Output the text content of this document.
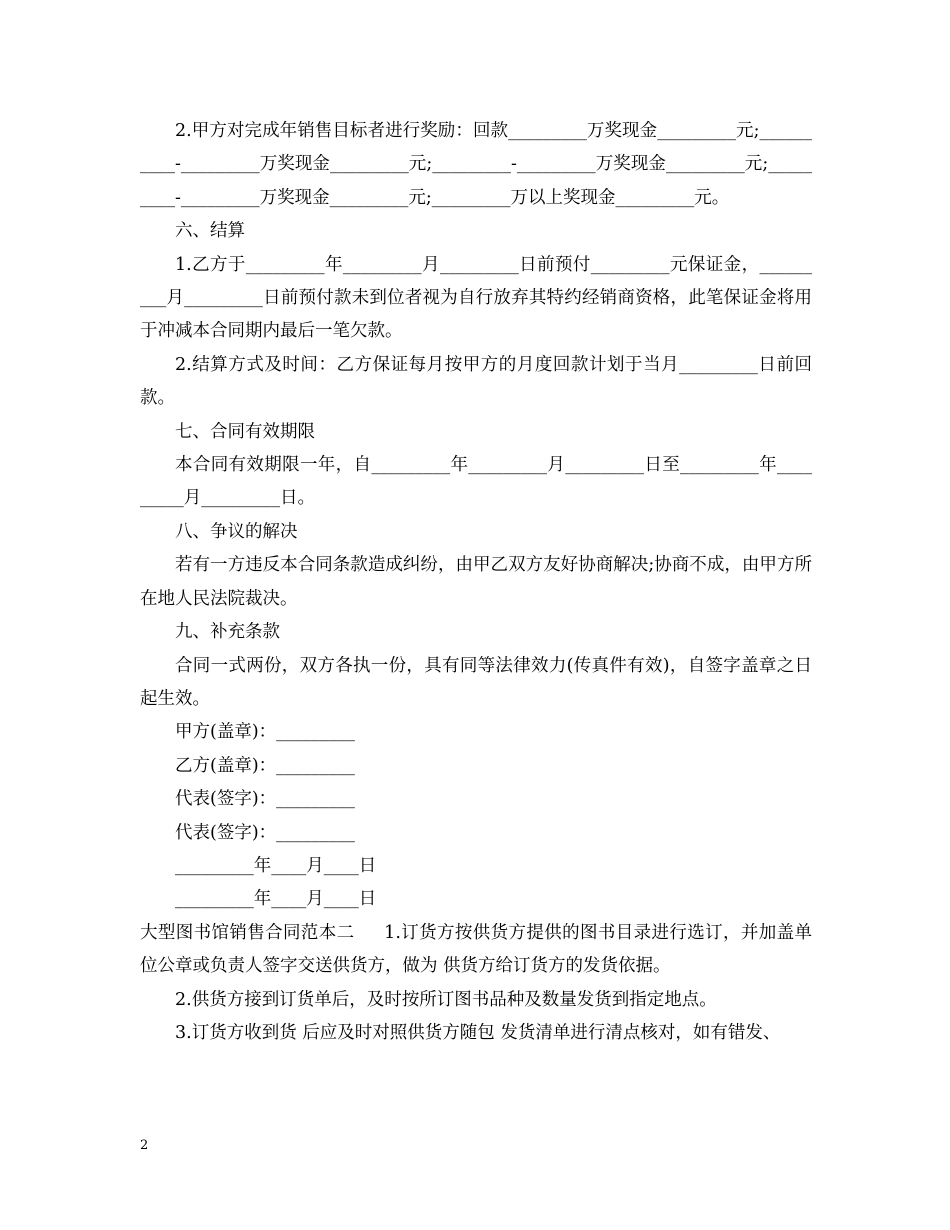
2.甲方对完成年销售目标者进行奖励：回款_________万奖现金_________元;__________-_________万奖现金_________元;_________-_________万奖现金_________元;_________-_________万奖现金_________元;_________万以上奖现金_________元。

六、结算

1.乙方于_________年_________月_________日前预付_________元保证金，_________月_________日前预付款未到位者视为自行放弃其特约经销商资格，此笔保证金将用于冲减本合同期内最后一笔欠款。

2.结算方式及时间：乙方保证每月按甲方的月度回款计划于当月_________日前回款。

七、合同有效期限

本合同有效期限一年，自_________年_________月_________日至_________年_________月_________日。

八、争议的解决

若有一方违反本合同条款造成纠纷，由甲乙双方友好协商解决;协商不成，由甲方所在地人民法院裁决。

九、补充条款

合同一式两份，双方各执一份，具有同等法律效力(传真件有效)，自签字盖章之日起生效。

甲方(盖章)：_________

乙方(盖章)：_________

代表(签字)：_________

代表(签字)：_________

_________年____月____日

_________年____月____日

大型图书馆销售合同范本二     1.订货方按供货方提供的图书目录进行选订，并加盖单位公章或负责人签字交送供货方，做为 供货方给订货方的发货依据。

2.供货方接到订货单后，及时按所订图书品种及数量发货到指定地点。

3.订货方收到货 后应及时对照供货方随包 发货清单进行清点核对，如有错发、

2
